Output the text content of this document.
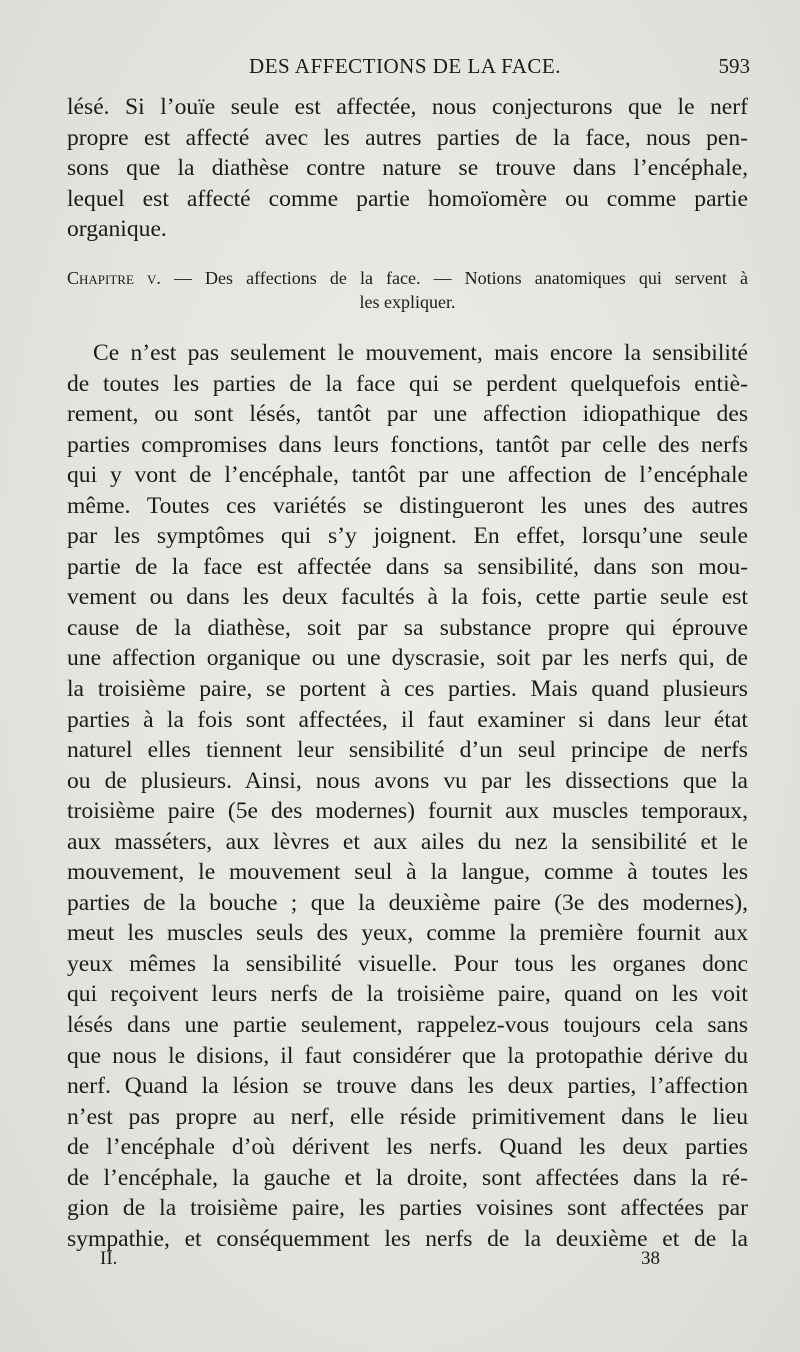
DES AFFECTIONS DE LA FACE.	593
lésé. Si l’ouïe seule est affectée, nous conjecturons que le nerf
propre est affecté avec les autres parties de la face, nous pen-
sons que la diathèse contre nature se trouve dans l’encéphale,
lequel est affecté comme partie homoïomère ou comme partie
organique.
Chapitre v. — Des affections de la face. — Notions anatomiques qui servent à
les expliquer.
Ce n’est pas seulement le mouvement, mais encore la sensibilité
de toutes les parties de la face qui se perdent quelquefois entiè-
rement, ou sont lésés, tantôt par une affection idiopathique des
parties compromises dans leurs fonctions, tantôt par celle des nerfs
qui y vont de l’encéphale, tantôt par une affection de l’encéphale
même. Toutes ces variétés se distingueront les unes des autres
par les symptômes qui s’y joignent. En effet, lorsqu’une seule
partie de la face est affectée dans sa sensibilité, dans son mou-
vement ou dans les deux facultés à la fois, cette partie seule est
cause de la diathèse, soit par sa substance propre qui éprouve
une affection organique ou une dyscrasie, soit par les nerfs qui, de
la troisième paire, se portent à ces parties. Mais quand plusieurs
parties à la fois sont affectées, il faut examiner si dans leur état
naturel elles tiennent leur sensibilité d’un seul principe de nerfs
ou de plusieurs. Ainsi, nous avons vu par les dissections que la
troisième paire (5e des modernes) fournit aux muscles temporaux,
aux masséters, aux lèvres et aux ailes du nez la sensibilité et le
mouvement, le mouvement seul à la langue, comme à toutes les
parties de la bouche ; que la deuxième paire (3e des modernes),
meut les muscles seuls des yeux, comme la première fournit aux
yeux mêmes la sensibilité visuelle. Pour tous les organes donc
qui reçoivent leurs nerfs de la troisième paire, quand on les voit
lésés dans une partie seulement, rappelez-vous toujours cela sans
que nous le disions, il faut considérer que la protopathie dérive du
nerf. Quand la lésion se trouve dans les deux parties, l’affection
n’est pas propre au nerf, elle réside primitivement dans le lieu
de l’encéphale d’où dérivent les nerfs. Quand les deux parties
de l’encéphale, la gauche et la droite, sont affectées dans la ré-
gion de la troisième paire, les parties voisines sont affectées par
sympathie, et conséquemment les nerfs de la deuxième et de la
II.	38
